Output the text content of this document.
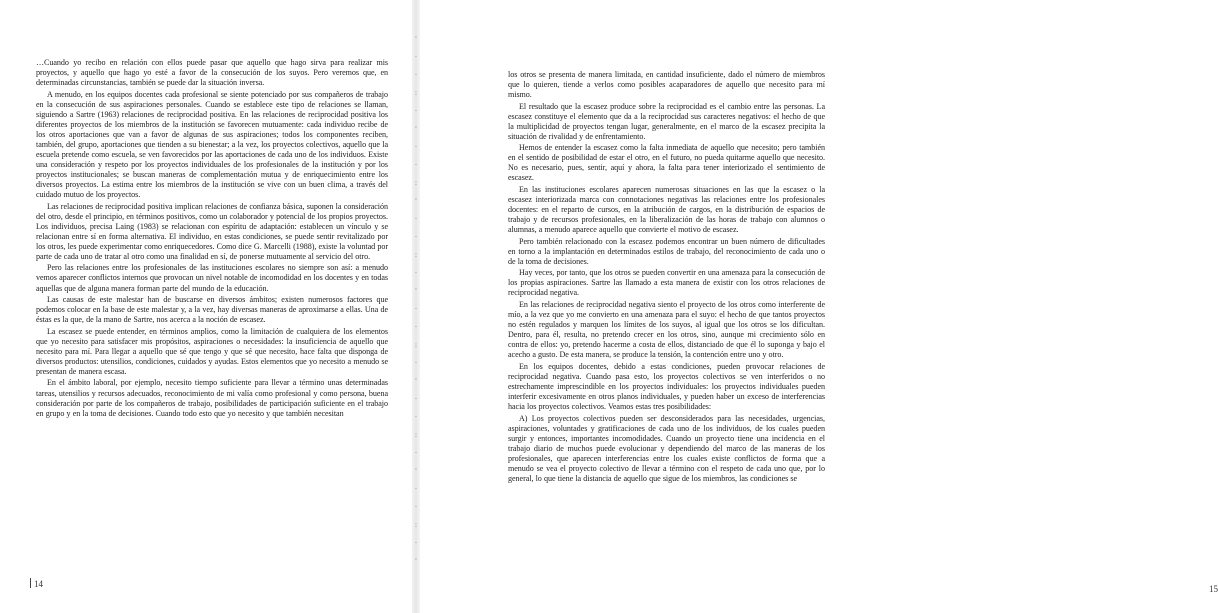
…Cuando yo recibo en relación con ellos puede pasar que aquello que hago sirva para realizar mis proyectos, y aquello que hago yo esté a favor de la consecución de los suyos. Pero veremos que, en determinadas circunstancias, también se puede dar la situación inversa.

A menudo, en los equipos docentes cada profesional se siente potenciado por sus compañeros de trabajo en la consecución de sus aspiraciones personales. Cuando se establece este tipo de relaciones se llaman, siguiendo a Sartre (1963) relaciones de reciprocidad positiva. En las relaciones de reciprocidad positiva los diferentes proyectos de los miembros de la institución se favorecen mutuamente: cada individuo recibe de los otros aportaciones que van a favor de algunas de sus aspiraciones; todos los componentes reciben, también, del grupo, aportaciones que tienden a su bienestar; a la vez, los proyectos colectivos, aquello que la escuela pretende como escuela, se ven favorecidos por las aportaciones de cada uno de los individuos. Existe una consideración y respeto por los proyectos individuales de los profesionales de la institución y por los proyectos institucionales; se buscan maneras de complementación mutua y de enriquecimiento entre los diversos proyectos. La estima entre los miembros de la institución se vive con un buen clima, a través del cuidado mutuo de los proyectos.

Las relaciones de reciprocidad positiva implican relaciones de confianza básica, suponen la consideración del otro, desde el principio, en términos positivos, como un colaborador y potencial de los propios proyectos. Los individuos, precisa Laing (1983) se relacionan con espíritu de adaptación: establecen un vínculo y se relacionan entre sí en forma alternativa. El individuo, en estas condiciones, se puede sentir revitalizado por los otros, les puede experimentar como enriquecedores. Como dice G. Marcelli (1988), existe la voluntad por parte de cada uno de tratar al otro como una finalidad en sí, de ponerse mutuamente al servicio del otro.

Pero las relaciones entre los profesionales de las instituciones escolares no siempre son así: a menudo vemos aparecer conflictos internos que provocan un nivel notable de incomodidad en los docentes y en todas aquellas que de alguna manera forman parte del mundo de la educación.

Las causas de este malestar han de buscarse en diversos ámbitos; existen numerosos factores que podemos colocar en la base de este malestar y, a la vez, hay diversas maneras de aproximarse a ellas. Una de éstas es la que, de la mano de Sartre, nos acerca a la noción de escasez.

La escasez se puede entender, en términos amplios, como la limitación de cualquiera de los elementos que yo necesito para satisfacer mis propósitos, aspiraciones o necesidades: la insuficiencia de aquello que necesito para mí. Para llegar a aquello que sé que tengo y que sé que necesito, hace falta que disponga de diversos productos: utensilios, condiciones, cuidados y ayudas. Estos elementos que yo necesito a menudo se presentan de manera escasa.

En el ámbito laboral, por ejemplo, necesito tiempo suficiente para llevar a término unas determinadas tareas, utensilios y recursos adecuados, reconocimiento de mi valía como profesional y como persona, buena consideración por parte de los compañeros de trabajo, posibilidades de participación suficiente en el trabajo en grupo y en la toma de decisiones. Cuando todo esto que yo necesito y que también necesitan

14
'
·
·
:
·
'
·
·
:
'
·
·
:
·
'
·
·
:
·
'
·
·
:
·
'
·
·
:
·
'

los otros se presenta de manera limitada, en cantidad insuficiente, dado el número de miembros que lo quieren, tiende a verlos como posibles acaparadores de aquello que necesito para mí mismo.

El resultado que la escasez produce sobre la reciprocidad es el cambio entre las personas. La escasez constituye el elemento que da a la reciprocidad sus caracteres negativos: el hecho de que la multiplicidad de proyectos tengan lugar, generalmente, en el marco de la escasez precipita la situación de rivalidad y de enfrentamiento.

Hemos de entender la escasez como la falta inmediata de aquello que necesito; pero también en el sentido de posibilidad de estar el otro, en el futuro, no pueda quitarme aquello que necesito. No es necesario, pues, sentir, aquí y ahora, la falta para tener interiorizado el sentimiento de escasez.

En las instituciones escolares aparecen numerosas situaciones en las que la escasez o la escasez interiorizada marca con connotaciones negativas las relaciones entre los profesionales docentes: en el reparto de cursos, en la atribución de cargos, en la distribución de espacios de trabajo y de recursos profesionales, en la liberalización de las horas de trabajo con alumnos o alumnas, a menudo aparece aquello que convierte el motivo de escasez.

Pero también relacionado con la escasez podemos encontrar un buen número de dificultades en torno a la implantación en determinados estilos de trabajo, del reconocimiento de cada uno o de la toma de decisiones.

Hay veces, por tanto, que los otros se pueden convertir en una amenaza para la consecución de los propias aspiraciones. Sartre las llamado a esta manera de existir con los otros relaciones de reciprocidad negativa.

En las relaciones de reciprocidad negativa siento el proyecto de los otros como interferente de mío, a la vez que yo me convierto en una amenaza para el suyo: el hecho de que tantos proyectos no estén regulados y marquen los límites de los suyos, al igual que los otros se los dificultan. Dentro, para él, resulta, no pretendo crecer en los otros, sino, aunque mi crecimiento sólo en contra de ellos: yo, pretendo hacerme a costa de ellos, distanciado de que él lo suponga y bajo el acecho a gusto. De esta manera, se produce la tensión, la contención entre uno y otro.

En los equipos docentes, debido a estas condiciones, pueden provocar relaciones de reciprocidad negativa. Cuando pasa esto, los proyectos colectivos se ven interferidos o no estrechamente imprescindible en los proyectos individuales: los proyectos individuales pueden interferir excesivamente en otros planos individuales, y pueden haber un exceso de interferencias hacia los proyectos colectivos. Veamos estas tres posibilidades:

A) Los proyectos colectivos pueden ser desconsiderados para las necesidades, urgencias, aspiraciones, voluntades y gratificaciones de cada uno de los individuos, de los cuales pueden surgir y entonces, importantes incomodidades. Cuando un proyecto tiene una incidencia en el trabajo diario de muchos puede evolucionar y dependiendo del marco de las maneras de los profesionales, que aparecen interferencias entre los cuales existe conflictos de forma que a menudo se vea el proyecto colectivo de llevar a término con el respeto de cada uno que, por lo general, lo que tiene la distancia de aquello que sigue de los miembros, las condiciones se

15
